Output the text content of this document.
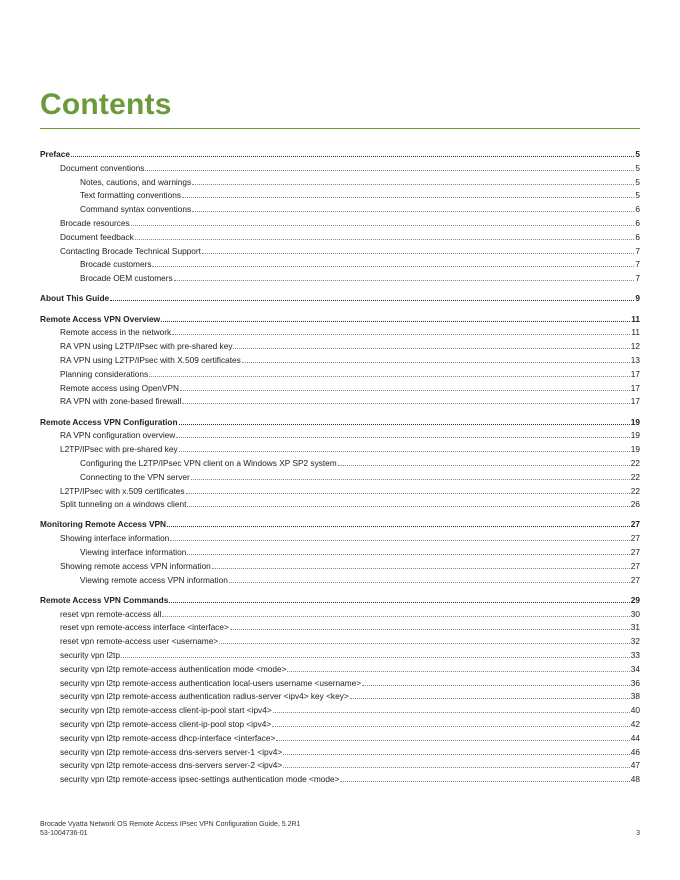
Contents
Preface	5
Document conventions	5
Notes, cautions, and warnings	5
Text formatting conventions	5
Command syntax conventions	6
Brocade resources	6
Document feedback	6
Contacting Brocade Technical Support	7
Brocade customers	7
Brocade OEM customers	7
About This Guide	9
Remote Access VPN Overview	11
Remote access in the network	11
RA VPN using L2TP/IPsec with pre-shared key	12
RA VPN using L2TP/IPsec with X.509 certificates	13
Planning considerations	17
Remote access using OpenVPN	17
RA VPN with zone-based firewall	17
Remote Access VPN Configuration	19
RA VPN configuration overview	19
L2TP/IPsec with pre-shared key	19
Configuring the L2TP/IPsec VPN client on a Windows XP SP2 system	22
Connecting to the VPN server	22
L2TP/IPsec with x.509 certificates	22
Split tunneling on a windows client	26
Monitoring Remote Access VPN	27
Showing interface information	27
Viewing interface information	27
Showing remote access VPN information	27
Viewing remote access VPN information	27
Remote Access VPN Commands	29
reset vpn remote-access all	30
reset vpn remote-access interface <interface>	31
reset vpn remote-access user <username>	32
security vpn l2tp	33
security vpn l2tp remote-access authentication mode <mode>	34
security vpn l2tp remote-access authentication local-users username <username>	36
security vpn l2tp remote-access authentication radius-server <ipv4> key <key>	38
security vpn l2tp remote-access client-ip-pool start <ipv4>	40
security vpn l2tp remote-access client-ip-pool stop <ipv4>	42
security vpn l2tp remote-access dhcp-interface <interface>	44
security vpn l2tp remote-access dns-servers server-1 <ipv4>	46
security vpn l2tp remote-access dns-servers server-2 <ipv4>	47
security vpn l2tp remote-access ipsec-settings authentication mode <mode>	48
Brocade Vyatta Network OS Remote Access IPsec VPN Configuration Guide, 5.2R1
53-1004736-01	3
